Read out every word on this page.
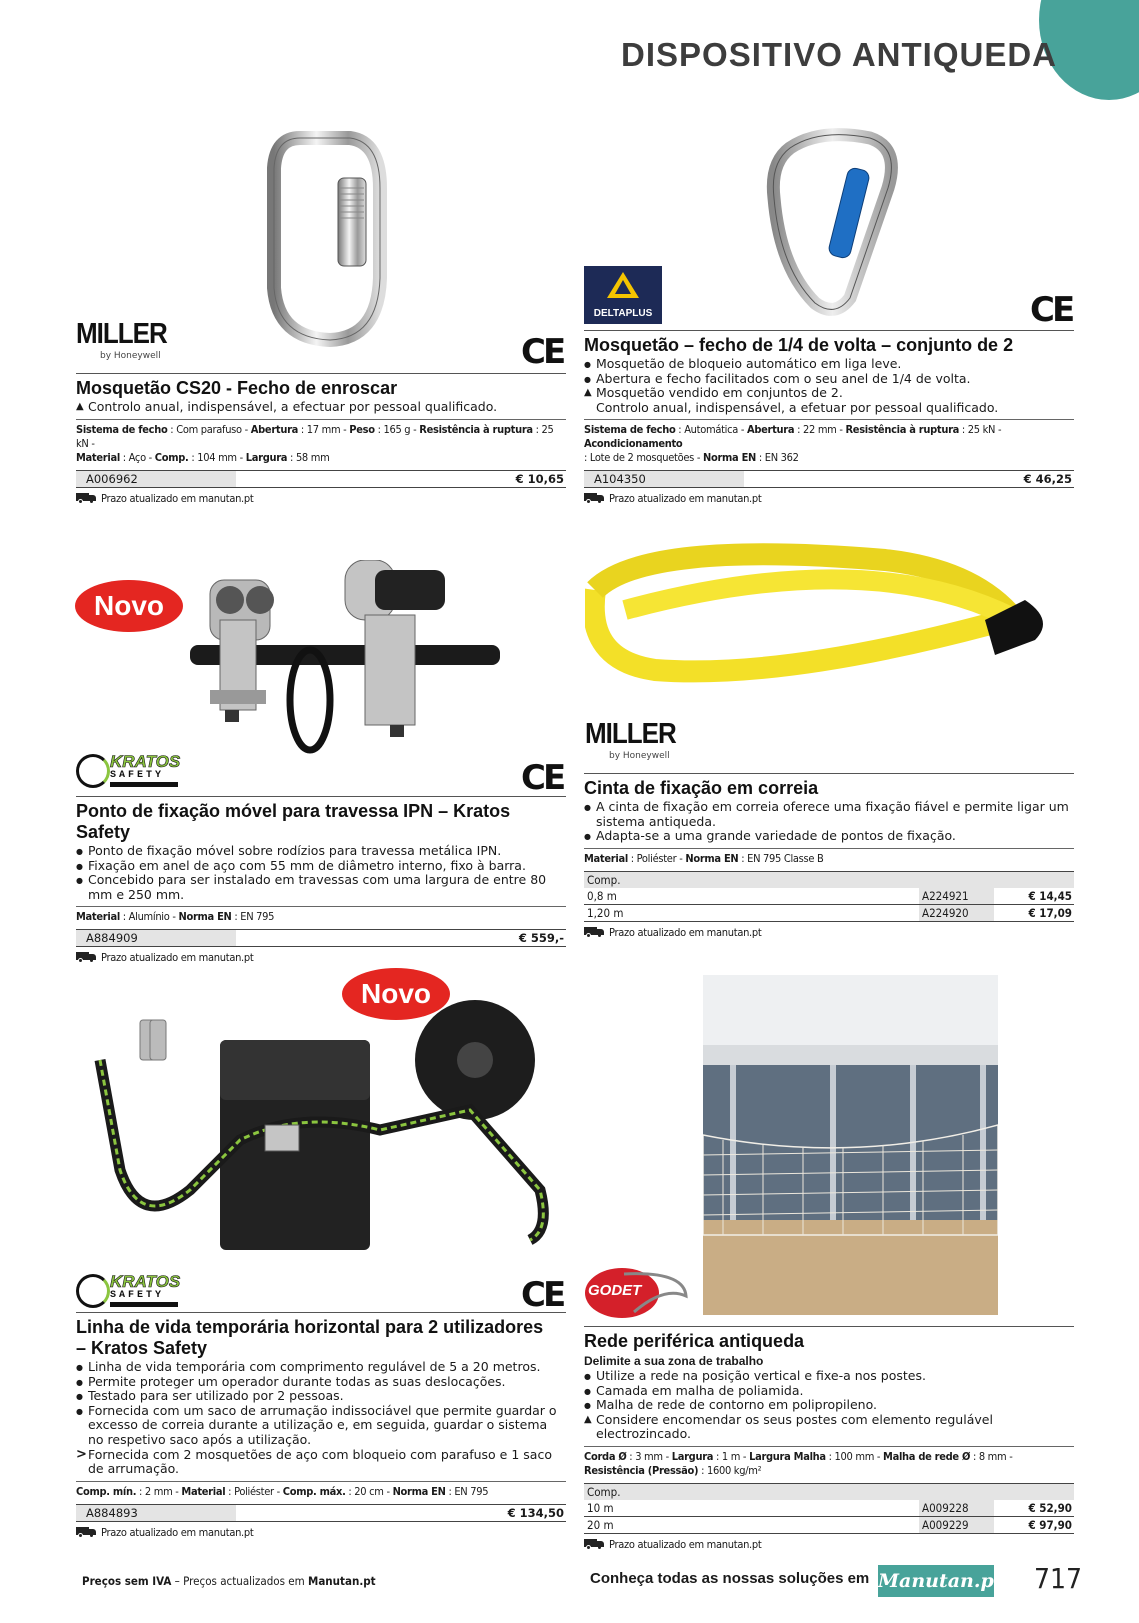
DISPOSITIVO ANTIQUEDA
MILLER
by Honeywell	CE
DELTAPLUS	CE
Novo
KRATOS
SAFETY	CE
MILLER
by Honeywell
Novo
KRATOS
SAFETY	CE GODET
Mosquetão CS20 - Fecho de enroscar
▲ Controlo anual, indispensável, a efectuar por pessoal qualificado.
Sistema de fecho : Com parafuso - Abertura : 17 mm - Peso : 165 g - Resistência à ruptura : 25 kN -
Material : Aço - Comp. : 104 mm - Largura : 58 mm
A006962	€ 10,65
Prazo atualizado em manutan.pt
Mosquetão – fecho de 1/4 de volta – conjunto de 2
● Mosquetão de bloqueio automático em liga leve.
● Abertura e fecho facilitados com o seu anel de 1/4 de volta.
▲ Mosquetão vendido em conjuntos de 2.
Controlo anual, indispensável, a efetuar por pessoal qualificado.
Sistema de fecho : Automática - Abertura : 22 mm - Resistência à ruptura : 25 kN - Acondicionamento
: Lote de 2 mosquetões - Norma EN : EN 362
A104350	€ 46,25
Prazo atualizado em manutan.pt
Ponto de fixação móvel para travessa IPN – Kratos Safety
● Ponto de fixação móvel sobre rodízios para travessa metálica IPN.
● Fixação em anel de aço com 55 mm de diâmetro interno, fixo à barra.
● Concebido para ser instalado em travessas com uma largura de entre 80 mm e 250 mm.
Material : Alumínio - Norma EN : EN 795
A884909	€ 559,-
Prazo atualizado em manutan.pt
Cinta de fixação em correia
● A cinta de fixação em correia oferece uma fixação fiável e permite ligar um sistema antiqueda.
● Adapta-se a uma grande variedade de pontos de fixação.
Material : Poliéster - Norma EN : EN 795 Classe B
Comp.
0,8 m	A224921	€ 14,45
1,20 m	A224920	€ 17,09
Prazo atualizado em manutan.pt
Linha de vida temporária horizontal para 2 utilizadores – Kratos Safety
● Linha de vida temporária com comprimento regulável de 5 a 20 metros.
● Permite proteger um operador durante todas as suas deslocações.
● Testado para ser utilizado por 2 pessoas.
● Fornecida com um saco de arrumação indissociável que permite guardar o excesso de correia durante a utilização e, em seguida, guardar o sistema no respetivo saco após a utilização.
> Fornecida com 2 mosquetões de aço com bloqueio com parafuso e 1 saco de arrumação.
Comp. mín. : 2 mm - Material : Poliéster - Comp. máx. : 20 cm - Norma EN : EN 795
A884893	€ 134,50
Prazo atualizado em manutan.pt
Rede periférica antiqueda
Delimite a sua zona de trabalho
● Utilize a rede na posição vertical e fixe-a nos postes.
● Camada em malha de poliamida.
● Malha de rede de contorno em polipropileno.
▲ Considere encomendar os seus postes com elemento regulável electrozincado.
Corda Ø : 3 mm - Largura : 1 m - Largura Malha : 100 mm - Malha de rede Ø : 8 mm -
Resistência (Pressão) : 1600 kg/m²
Comp.
10 m	A009228	€ 52,90
20 m	A009229	€ 97,90
Prazo atualizado em manutan.pt
Preços sem IVA – Preços actualizados em Manutan.pt	Conheça todas as nossas soluções em Manutan.pt 717
